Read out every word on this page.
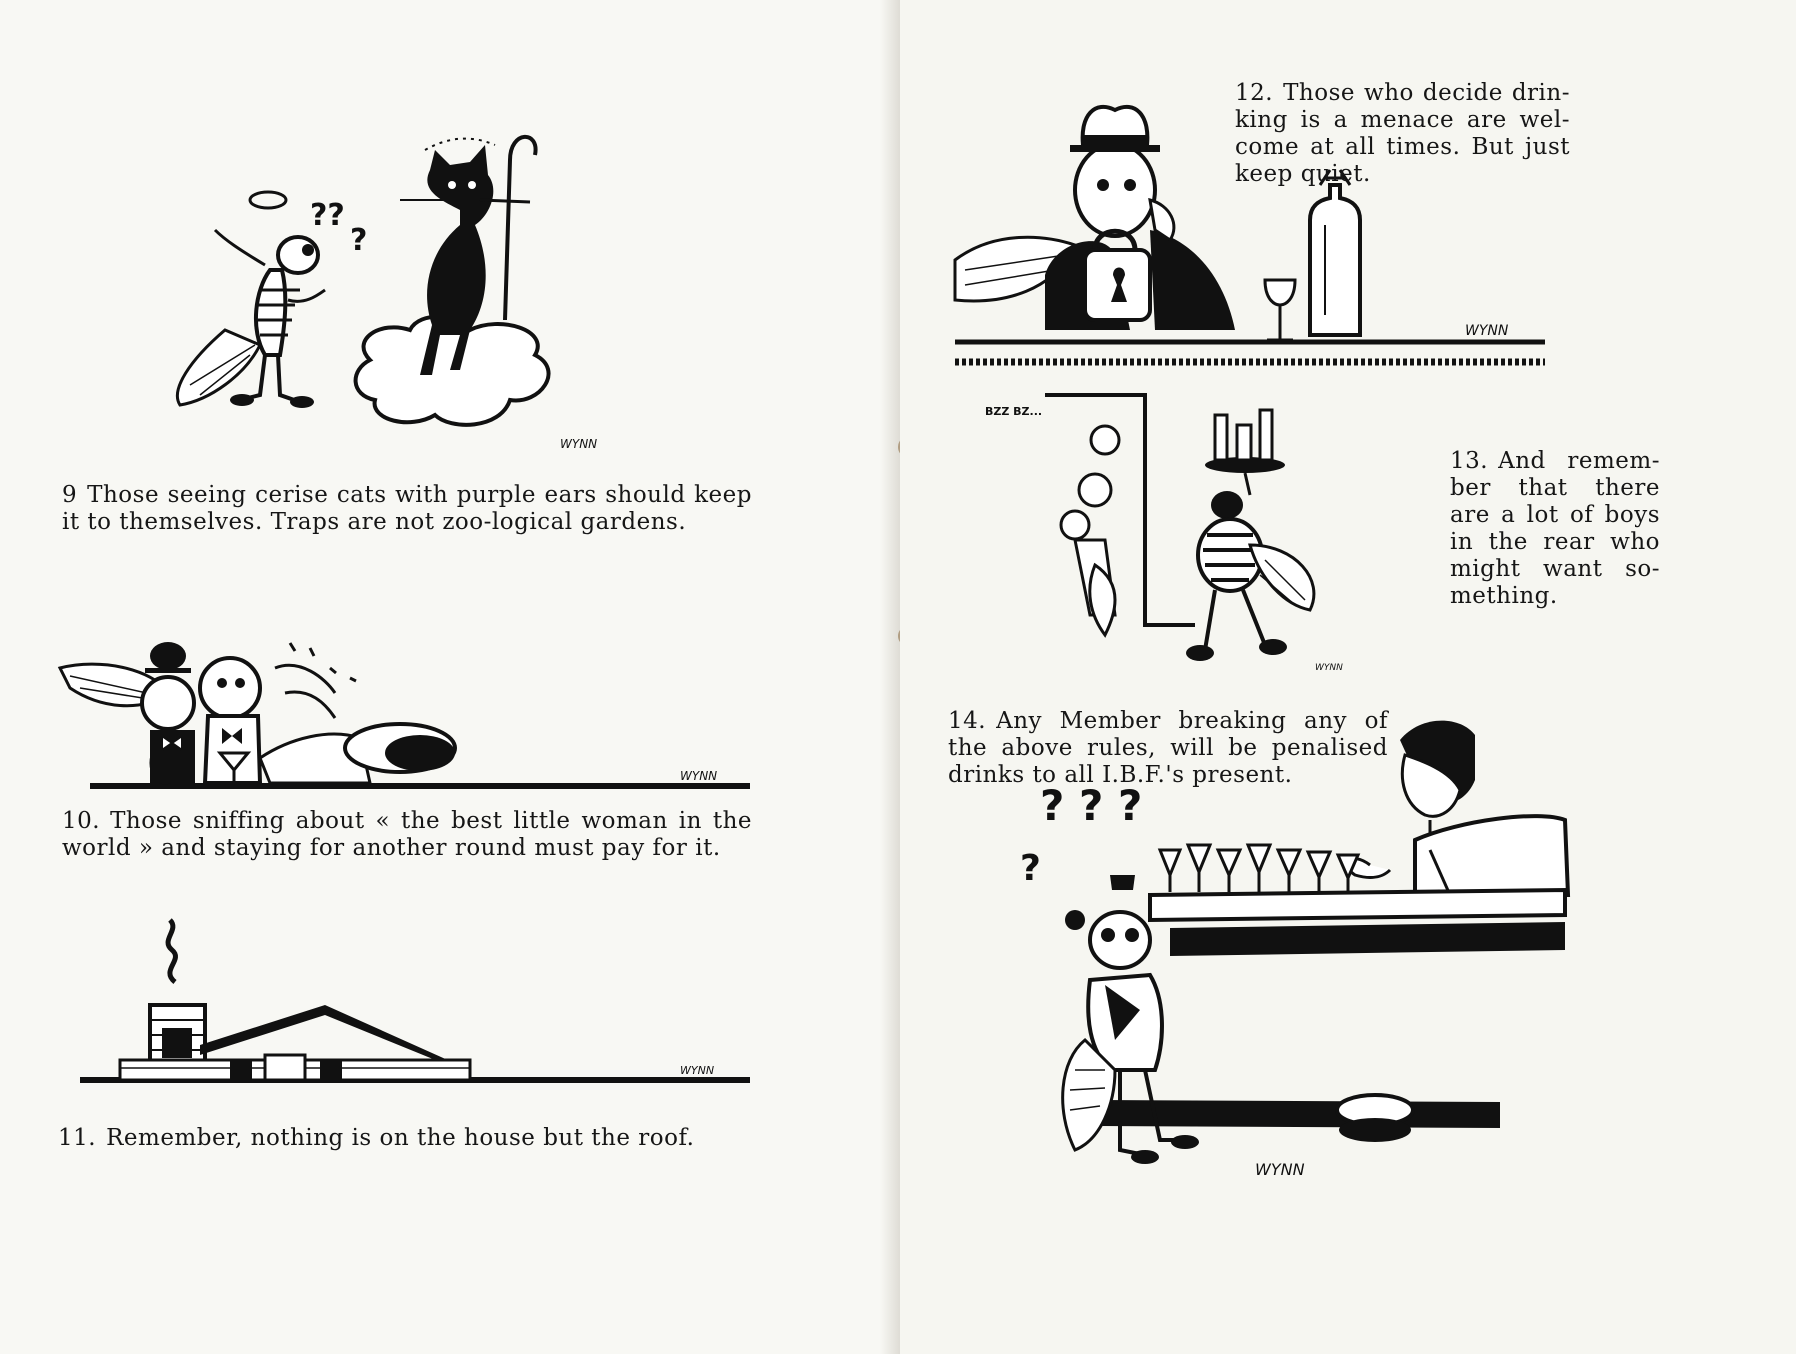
??
?
WYNN
9 Those seeing cerise cats with purple ears should keep it to themselves. Traps are not zoo-logical gardens.
WYNN
10. Those sniffing about « the best little woman in the world » and staying for another round must pay for it.
WYNN
11. Remember, nothing is on the house but the roof.
WYNN
12. Those who decide drin-king is a menace are wel-come at all times. But just keep quiet.
BZZ BZ...
WYNN
13. And remem-ber that there are a lot of boys in the rear who might want so-mething.
14. Any Member breaking any of the above rules, will be penalised drinks to all I.B.F.'s present.
? ? ?
?
WYNN
